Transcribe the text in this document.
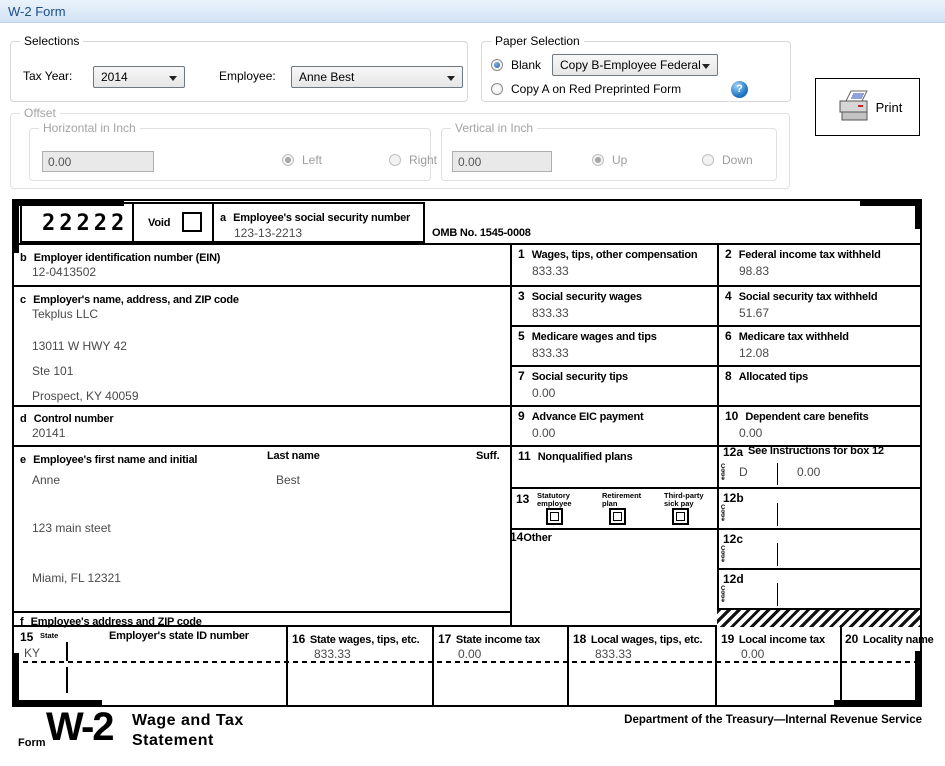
W-2 Form
Selections
Tax Year: 2014	Employee: Anne Best
Paper Selection
Blank Copy B-Employee Federal
Copy A on Red Preprinted Form	?
Print
Offset
Horizontal in Inch
0.00
Left	Right
Vertical in Inch
0.00
Up	Down
22222 Void	a Employee's social security number
123-13-2213	OMB No. 1545-0008
b Employer identification number (EIN)
12-0413502
c Employer's name, address, and ZIP code
Tekplus LLC
13011 W HWY 42
Ste 101
Prospect, KY 40059
d Control number
20141
e Employee's first name and initial	Last name	Suff.
Anne	Best
123 main steet
Miami, FL 12321
f Employee's address and ZIP code
1 Wages, tips, other compensation
833.33
2 Federal income tax withheld
98.83
3 Social security wages
833.33
4 Social security tax withheld
51.67
5 Medicare wages and tips
833.33
6 Medicare tax withheld
12.08
7 Social security tips
0.00
8 Allocated tips
9 Advance EIC payment
0.00
10 Dependent care benefits
0.00
11 Nonqualified plans	12a See Instructions for box 12
Code D	0.00
13 Statutory employee
Retirement plan
Third-party sick pay	12b
Code
14Other	12c
Code
12d
Code
15 State	Employer's state ID number
KY
16 State wages, tips, etc.
833.33
17 State income tax
0.00
18 Local wages, tips, etc.
833.33
19 Local income tax
0.00
20 Locality name
Form W-2 Wage and Tax
Statement
Department of the Treasury—Internal Revenue Service
